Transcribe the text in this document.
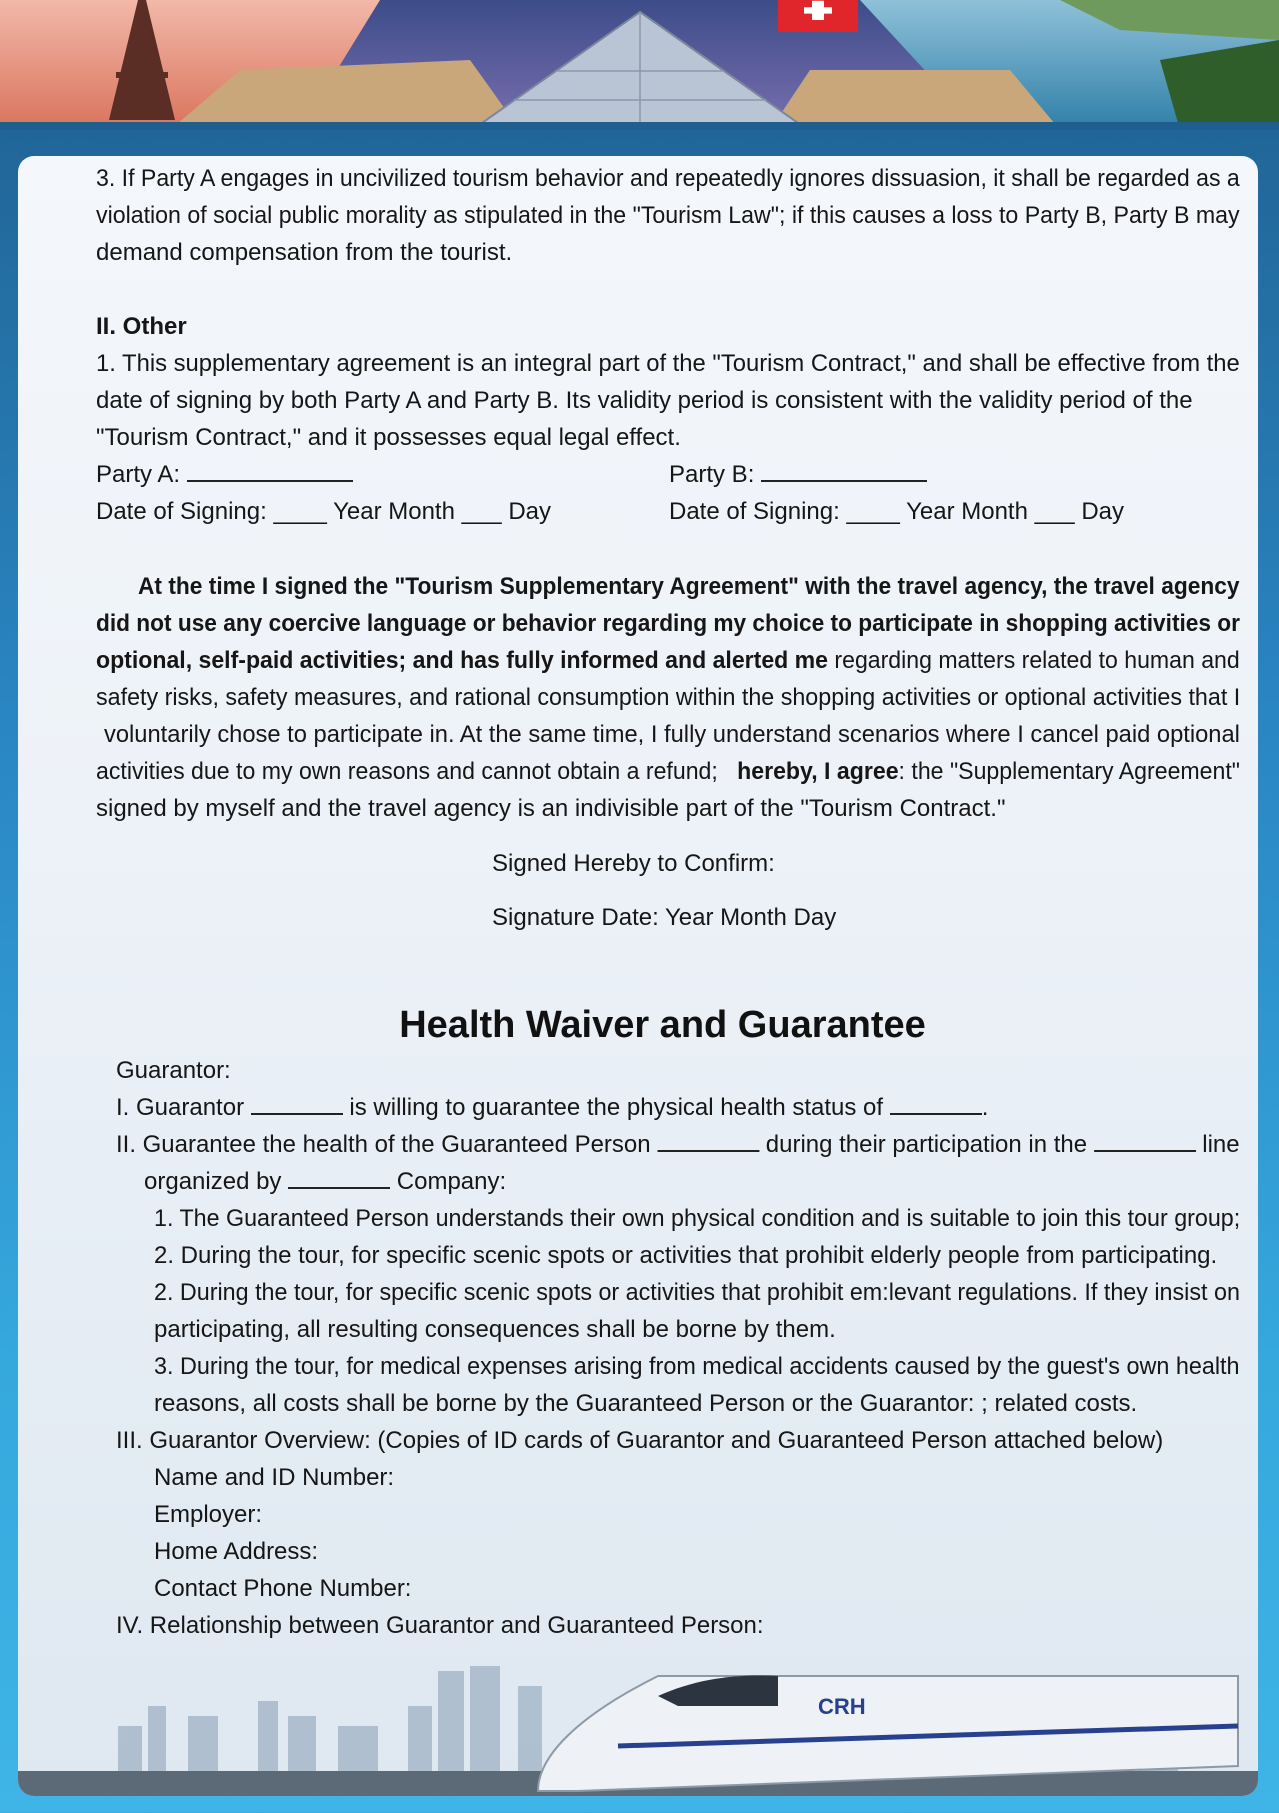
CRH

3. If Party A engages in uncivilized tourism behavior and repeatedly ignores dissuasion, it shall be regarded as a

violation of social public morality as stipulated in the "Tourism Law"; if this causes a loss to Party B, Party B may

demand compensation from the tourist.

II. Other

1. This supplementary agreement is an integral part of the "Tourism Contract," and shall be effective from the

date of signing by both Party A and Party B. Its validity period is consistent with the validity period of the

"Tourism Contract," and it possesses equal legal effect.

Party A:

Date of Signing: ____ Year Month ___ Day

Party B:

Date of Signing: ____ Year Month ___ Day

At the time I signed the "Tourism Supplementary Agreement" with the travel agency, the travel agency

did not use any coercive language or behavior regarding my choice to participate in shopping activities or

optional, self-paid activities; and has fully informed and alerted me regarding matters related to human and

safety risks, safety measures, and rational consumption within the shopping activities or optional activities that I

voluntarily chose to participate in. At the same time, I fully understand scenarios where I cancel paid optional

activities due to my own reasons and cannot obtain a refund; hereby, I agree: the "Supplementary Agreement"

signed by myself and the travel agency is an indivisible part of the "Tourism Contract."

Signed Hereby to Confirm:

Signature Date: Year Month Day

Health Waiver and Guarantee

Guarantor:

I. Guarantor	is willing to guarantee the physical health status of	.

II. Guarantee the health of the Guaranteed Person	during their participation in the	line

organized by	Company:

1. The Guaranteed Person understands their own physical condition and is suitable to join this tour group;

2. During the tour, for specific scenic spots or activities that prohibit elderly people from participating.

2. During the tour, for specific scenic spots or activities that prohibit em:levant regulations. If they insist on

participating, all resulting consequences shall be borne by them.

3. During the tour, for medical expenses arising from medical accidents caused by the guest's own health

reasons, all costs shall be borne by the Guaranteed Person or the Guarantor: ; related costs.

III. Guarantor Overview: (Copies of ID cards of Guarantor and Guaranteed Person attached below)

Name and ID Number:

Employer:

Home Address:

Contact Phone Number:

IV. Relationship between Guarantor and Guaranteed Person:
